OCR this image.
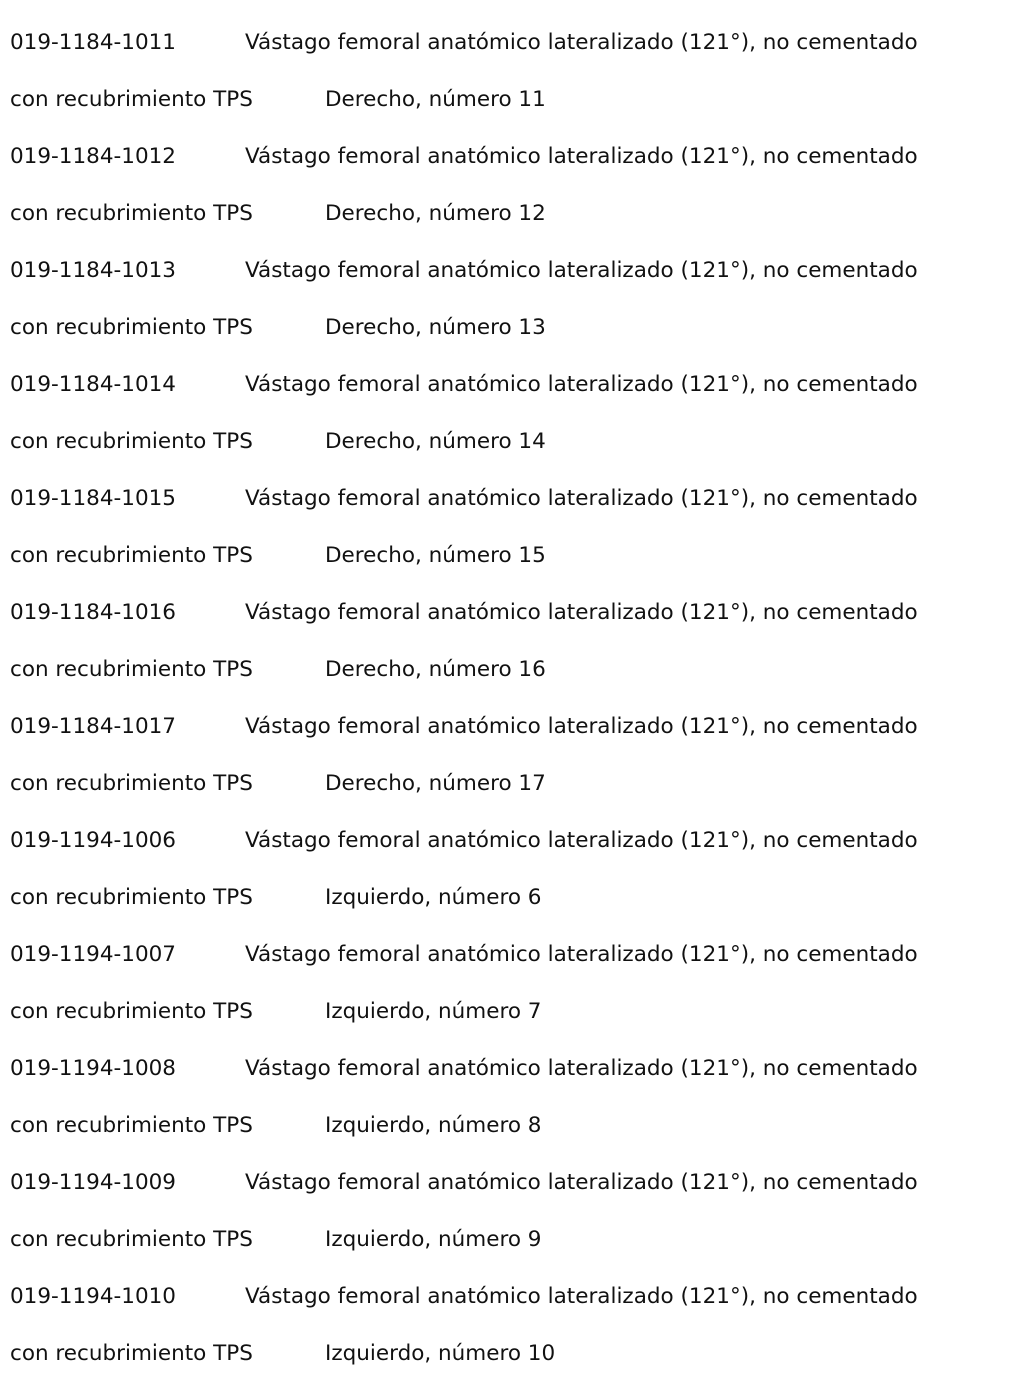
019-1184-1011	Vástago femoral anatómico lateralizado (121°), no cementado
con recubrimiento TPS	Derecho, número 11
019-1184-1012	Vástago femoral anatómico lateralizado (121°), no cementado
con recubrimiento TPS	Derecho, número 12
019-1184-1013	Vástago femoral anatómico lateralizado (121°), no cementado
con recubrimiento TPS	Derecho, número 13
019-1184-1014	Vástago femoral anatómico lateralizado (121°), no cementado
con recubrimiento TPS	Derecho, número 14
019-1184-1015	Vástago femoral anatómico lateralizado (121°), no cementado
con recubrimiento TPS	Derecho, número 15
019-1184-1016	Vástago femoral anatómico lateralizado (121°), no cementado
con recubrimiento TPS	Derecho, número 16
019-1184-1017	Vástago femoral anatómico lateralizado (121°), no cementado
con recubrimiento TPS	Derecho, número 17
019-1194-1006	Vástago femoral anatómico lateralizado (121°), no cementado
con recubrimiento TPS	Izquierdo, número 6
019-1194-1007	Vástago femoral anatómico lateralizado (121°), no cementado
con recubrimiento TPS	Izquierdo, número 7
019-1194-1008	Vástago femoral anatómico lateralizado (121°), no cementado
con recubrimiento TPS	Izquierdo, número 8
019-1194-1009	Vástago femoral anatómico lateralizado (121°), no cementado
con recubrimiento TPS	Izquierdo, número 9
019-1194-1010	Vástago femoral anatómico lateralizado (121°), no cementado
con recubrimiento TPS	Izquierdo, número 10
